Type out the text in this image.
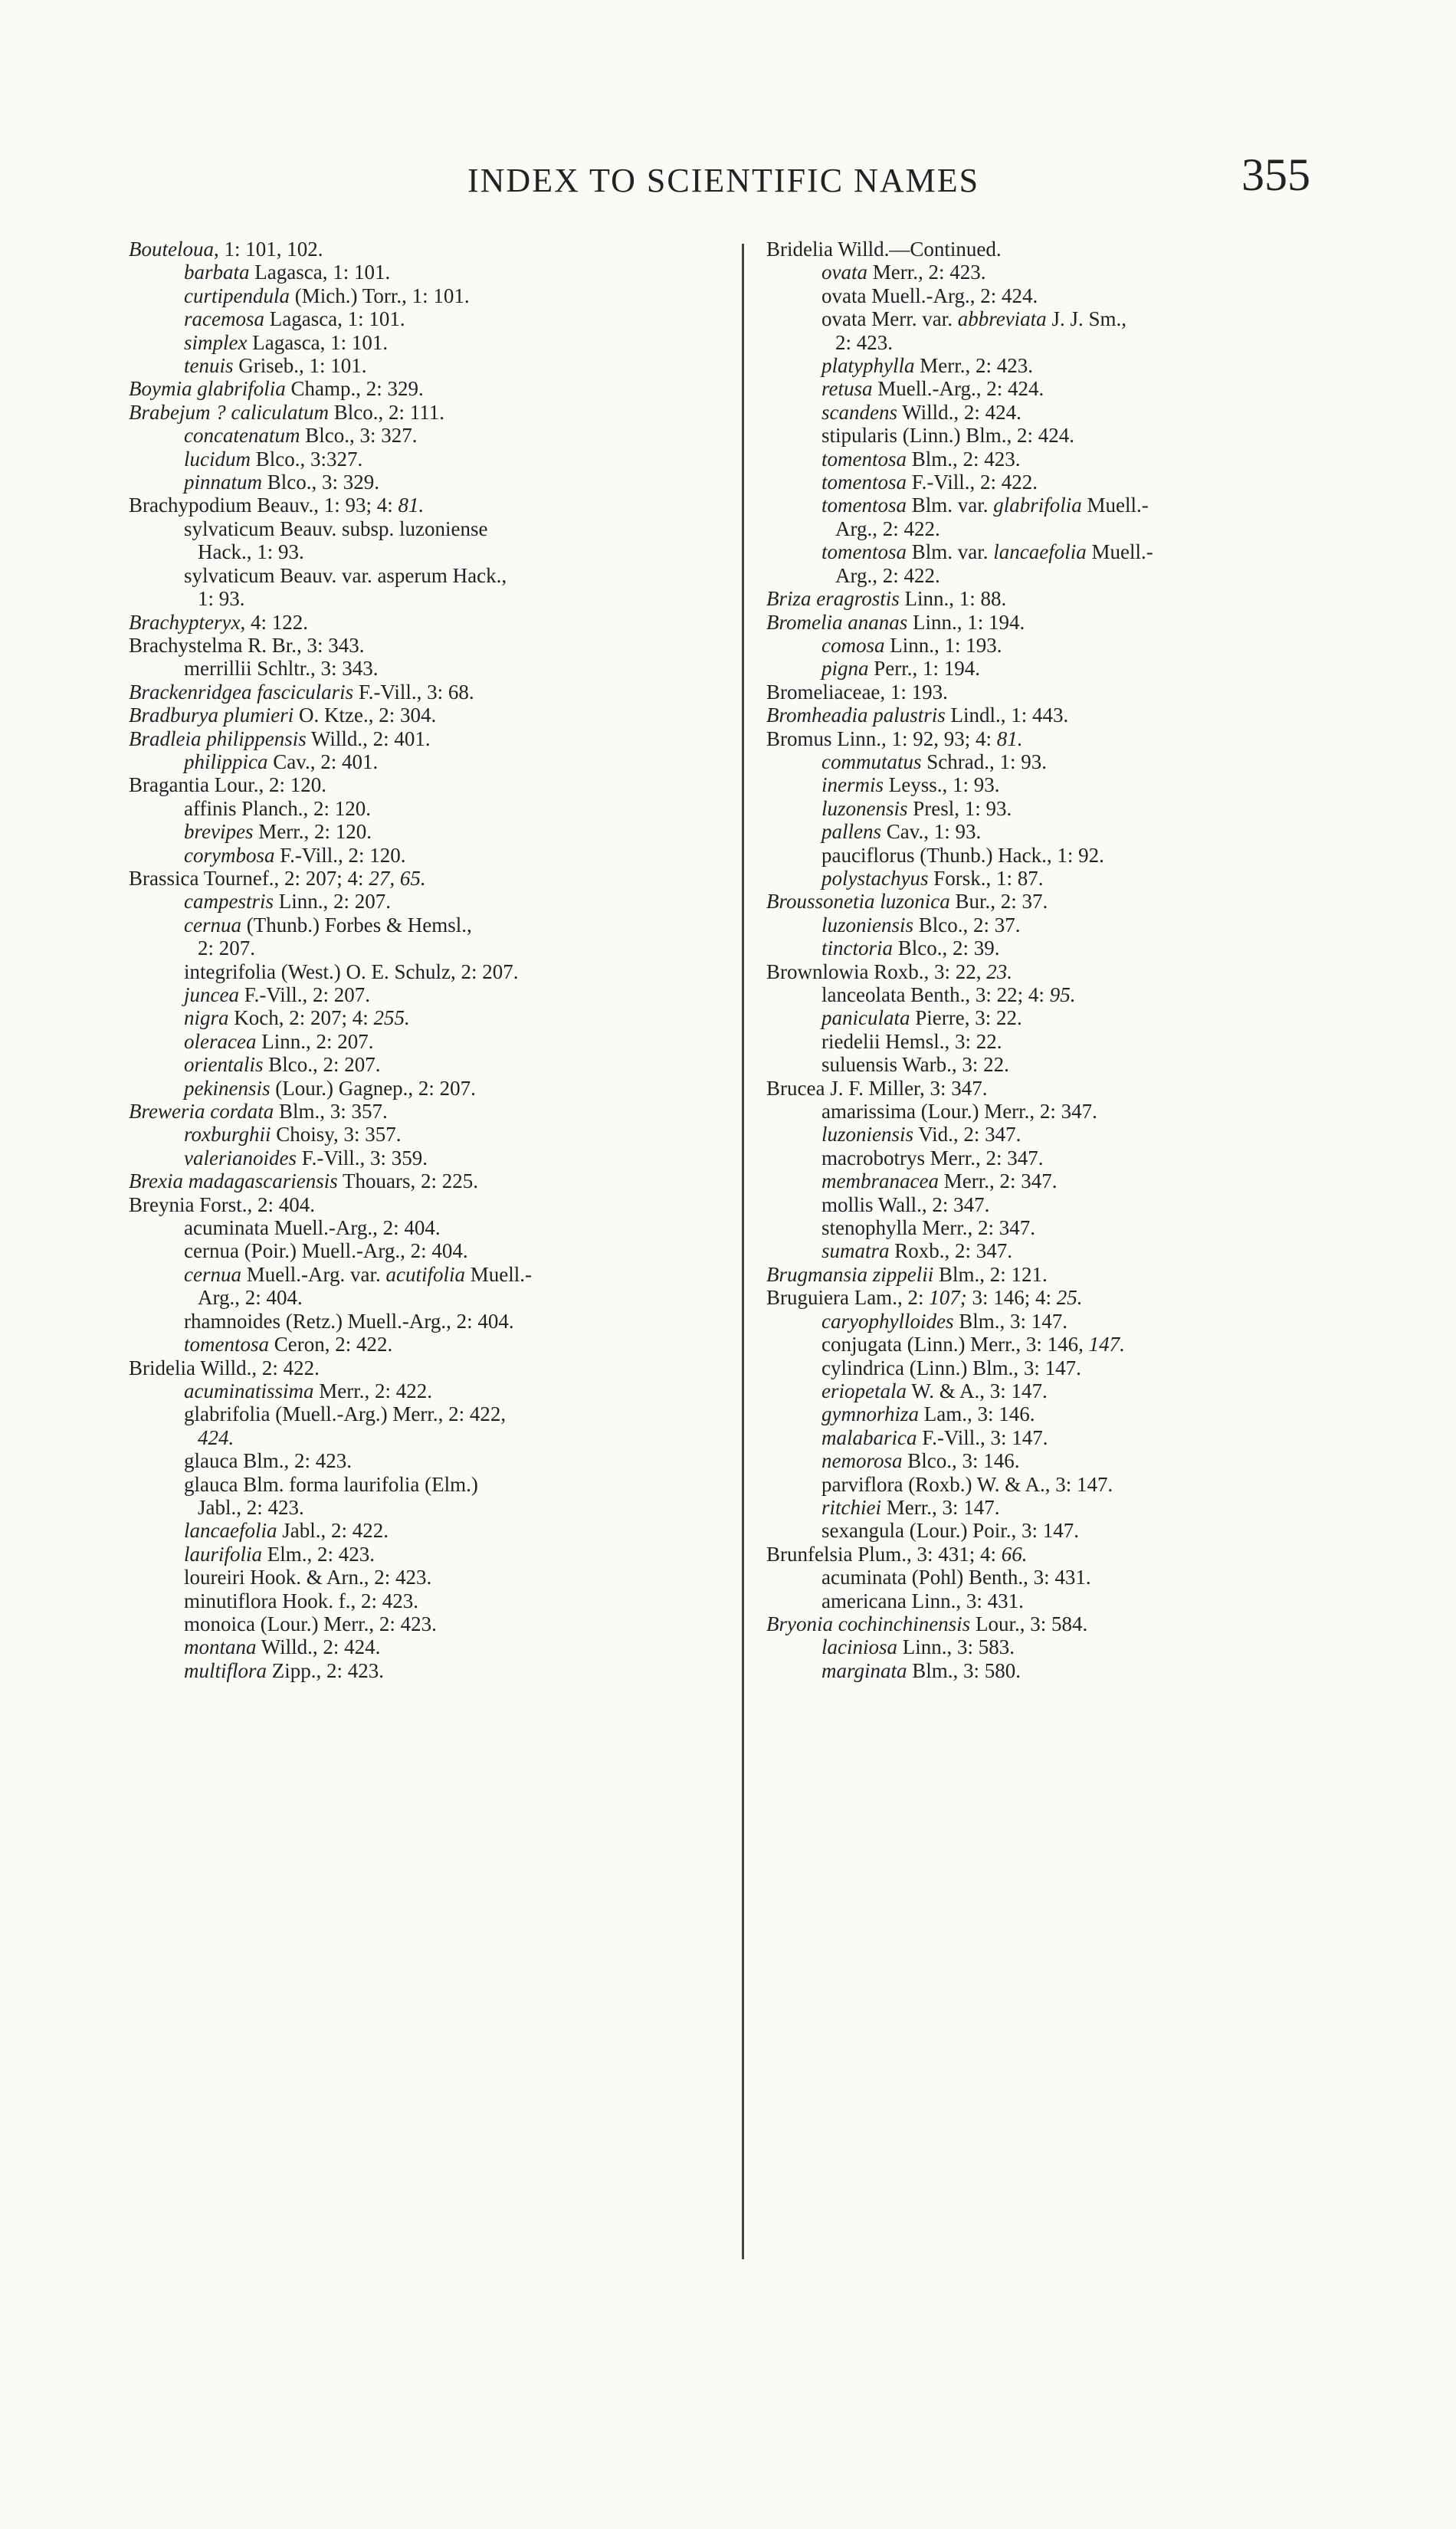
INDEX TO SCIENTIFIC NAMES	355
Bouteloua, 1: 101, 102.
barbata Lagasca, 1: 101.
curtipendula (Mich.) Torr., 1: 101.
racemosa Lagasca, 1: 101.
simplex Lagasca, 1: 101.
tenuis Griseb., 1: 101.
Boymia glabrifolia Champ., 2: 329.
Brabejum ? caliculatum Blco., 2: 111.
concatenatum Blco., 3: 327.
lucidum Blco., 3:327.
pinnatum Blco., 3: 329.
Brachypodium Beauv., 1: 93; 4: 81.
sylvaticum Beauv. subsp. luzoniense
Hack., 1: 93.
sylvaticum Beauv. var. asperum Hack.,
1: 93.
Brachypteryx, 4: 122.
Brachystelma R. Br., 3: 343.
merrillii Schltr., 3: 343.
Brackenridgea fascicularis F.-Vill., 3: 68.
Bradburya plumieri O. Ktze., 2: 304.
Bradleia philippensis Willd., 2: 401.
philippica Cav., 2: 401.
Bragantia Lour., 2: 120.
affinis Planch., 2: 120.
brevipes Merr., 2: 120.
corymbosa F.-Vill., 2: 120.
Brassica Tournef., 2: 207; 4: 27, 65.
campestris Linn., 2: 207.
cernua (Thunb.) Forbes & Hemsl.,
2: 207.
integrifolia (West.) O. E. Schulz, 2: 207.
juncea F.-Vill., 2: 207.
nigra Koch, 2: 207; 4: 255.
oleracea Linn., 2: 207.
orientalis Blco., 2: 207.
pekinensis (Lour.) Gagnep., 2: 207.
Breweria cordata Blm., 3: 357.
roxburghii Choisy, 3: 357.
valerianoides F.-Vill., 3: 359.
Brexia madagascariensis Thouars, 2: 225.
Breynia Forst., 2: 404.
acuminata Muell.-Arg., 2: 404.
cernua (Poir.) Muell.-Arg., 2: 404.
cernua Muell.-Arg. var. acutifolia Muell.-
Arg., 2: 404.
rhamnoides (Retz.) Muell.-Arg., 2: 404.
tomentosa Ceron, 2: 422.
Bridelia Willd., 2: 422.
acuminatissima Merr., 2: 422.
glabrifolia (Muell.-Arg.) Merr., 2: 422,
424.
glauca Blm., 2: 423.
glauca Blm. forma laurifolia (Elm.)
Jabl., 2: 423.
lancaefolia Jabl., 2: 422.
laurifolia Elm., 2: 423.
loureiri Hook. & Arn., 2: 423.
minutiflora Hook. f., 2: 423.
monoica (Lour.) Merr., 2: 423.
montana Willd., 2: 424.
multiflora Zipp., 2: 423.
Bridelia Willd.—Continued.
ovata Merr., 2: 423.
ovata Muell.-Arg., 2: 424.
ovata Merr. var. abbreviata J. J. Sm.,
2: 423.
platyphylla Merr., 2: 423.
retusa Muell.-Arg., 2: 424.
scandens Willd., 2: 424.
stipularis (Linn.) Blm., 2: 424.
tomentosa Blm., 2: 423.
tomentosa F.-Vill., 2: 422.
tomentosa Blm. var. glabrifolia Muell.-
Arg., 2: 422.
tomentosa Blm. var. lancaefolia Muell.-
Arg., 2: 422.
Briza eragrostis Linn., 1: 88.
Bromelia ananas Linn., 1: 194.
comosa Linn., 1: 193.
pigna Perr., 1: 194.
Bromeliaceae, 1: 193.
Bromheadia palustris Lindl., 1: 443.
Bromus Linn., 1: 92, 93; 4: 81.
commutatus Schrad., 1: 93.
inermis Leyss., 1: 93.
luzonensis Presl, 1: 93.
pallens Cav., 1: 93.
pauciflorus (Thunb.) Hack., 1: 92.
polystachyus Forsk., 1: 87.
Broussonetia luzonica Bur., 2: 37.
luzoniensis Blco., 2: 37.
tinctoria Blco., 2: 39.
Brownlowia Roxb., 3: 22, 23.
lanceolata Benth., 3: 22; 4: 95.
paniculata Pierre, 3: 22.
riedelii Hemsl., 3: 22.
suluensis Warb., 3: 22.
Brucea J. F. Miller, 3: 347.
amarissima (Lour.) Merr., 2: 347.
luzoniensis Vid., 2: 347.
macrobotrys Merr., 2: 347.
membranacea Merr., 2: 347.
mollis Wall., 2: 347.
stenophylla Merr., 2: 347.
sumatra Roxb., 2: 347.
Brugmansia zippelii Blm., 2: 121.
Bruguiera Lam., 2: 107; 3: 146; 4: 25.
caryophylloides Blm., 3: 147.
conjugata (Linn.) Merr., 3: 146, 147.
cylindrica (Linn.) Blm., 3: 147.
eriopetala W. & A., 3: 147.
gymnorhiza Lam., 3: 146.
malabarica F.-Vill., 3: 147.
nemorosa Blco., 3: 146.
parviflora (Roxb.) W. & A., 3: 147.
ritchiei Merr., 3: 147.
sexangula (Lour.) Poir., 3: 147.
Brunfelsia Plum., 3: 431; 4: 66.
acuminata (Pohl) Benth., 3: 431.
americana Linn., 3: 431.
Bryonia cochinchinensis Lour., 3: 584.
laciniosa Linn., 3: 583.
marginata Blm., 3: 580.
